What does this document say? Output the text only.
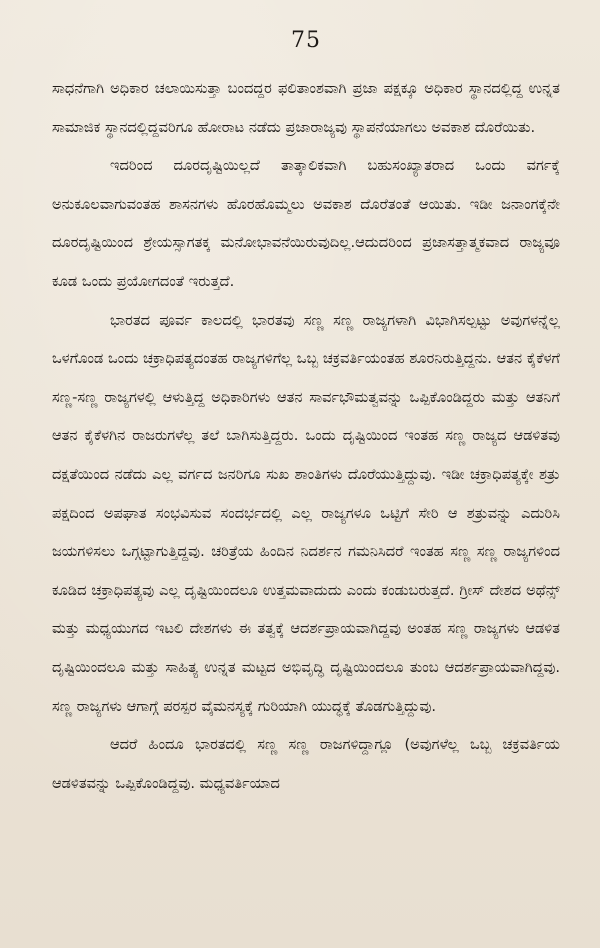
75

ಸಾಧನೆಗಾಗಿ ಅಧಿಕಾರ ಚಲಾಯಿಸುತ್ತಾ ಬಂದದ್ದರ ಫಲಿತಾಂಶವಾಗಿ ಪ್ರಜಾ ಪಕ್ಷಕ್ಕೂ ಅಧಿಕಾರ ಸ್ಥಾನದಲ್ಲಿದ್ದ ಉನ್ನತ ಸಾಮಾಜಿಕ ಸ್ಥಾನದಲ್ಲಿದ್ದವರಿಗೂ ಹೋರಾಟ ನಡೆದು ಪ್ರಜಾರಾಜ್ಯವು ಸ್ಥಾಪನೆಯಾಗಲು ಅವಕಾಶ ದೊರೆಯಿತು.

ಇದರಿಂದ ದೂರದೃಷ್ಟಿಯಿಲ್ಲದೆ ತಾತ್ಕಾಲಿಕವಾಗಿ ಬಹುಸಂಖ್ಯಾತರಾದ ಒಂದು ವರ್ಗಕ್ಕೆ ಅನುಕೂಲವಾಗುವಂತಹ ಶಾಸನಗಳು ಹೊರಹೊಮ್ಮಲು ಅವಕಾಶ ದೊರೆತಂತೆ ಆಯಿತು. ಇಡೀ ಜನಾಂಗಕ್ಕೆನೇ ದೂರದೃಷ್ಟಿಯಿಂದ ಶ್ರೇಯಸ್ಸಾಗತಕ್ಕ ಮನೋಭಾವನೆಯಿರುವುದಿಲ್ಲ.ಆದುದರಿಂದ ಪ್ರಜಾಸತ್ತಾತ್ಮಕವಾದ ರಾಜ್ಯವೂ ಕೂಡ ಒಂದು ಪ್ರಯೋಗದಂತೆ ಇರುತ್ತದೆ.

ಭಾರತದ ಪೂರ್ವ ಕಾಲದಲ್ಲಿ ಭಾರತವು ಸಣ್ಣ ಸಣ್ಣ ರಾಜ್ಯಗಳಾಗಿ ವಿಭಾಗಿಸಲ್ಪಟ್ಟು ಅವುಗಳನ್ನೆಲ್ಲ ಒಳಗೊಂಡ ಒಂದು ಚಕ್ರಾಧಿಪತ್ಯದಂತಹ ರಾಜ್ಯಗಳಿಗೆಲ್ಲ ಒಬ್ಬ ಚಕ್ರವರ್ತಿಯಂತಹ ಶೂರನಿರುತ್ತಿದ್ದನು. ಆತನ ಕೈಕೆಳಗೆ ಸಣ್ಣ-ಸಣ್ಣ ರಾಜ್ಯಗಳಲ್ಲಿ ಆಳುತ್ತಿದ್ದ ಅಧಿಕಾರಿಗಳು ಆತನ ಸಾರ್ವಭೌಮತ್ವವನ್ನು ಒಪ್ಪಿಕೊಂಡಿದ್ದರು ಮತ್ತು ಆತನಿಗೆ ಆತನ ಕೈಕೆಳಗಿನ ರಾಜರುಗಳೆಲ್ಲ ತಲೆ ಬಾಗಿಸುತ್ತಿದ್ದರು. ಒಂದು ದೃಷ್ಟಿಯಿಂದ ಇಂತಹ ಸಣ್ಣ ರಾಜ್ಯದ ಆಡಳಿತವು ದಕ್ಷತೆಯಿಂದ ನಡೆದು ಎಲ್ಲ ವರ್ಗದ ಜನರಿಗೂ ಸುಖ ಶಾಂತಿಗಳು ದೊರೆಯುತ್ತಿದ್ದುವು. ಇಡೀ ಚಕ್ರಾಧಿಪತ್ಯಕ್ಕೇ ಶತ್ರು ಪಕ್ಷದಿಂದ ಅಪಘಾತ ಸಂಭವಿಸುವ ಸಂದರ್ಭದಲ್ಲಿ ಎಲ್ಲ ರಾಜ್ಯಗಳೂ ಒಟ್ಟಿಗೆ ಸೇರಿ ಆ ಶತ್ರುವನ್ನು ಎದುರಿಸಿ ಜಯಗಳಿಸಲು ಒಗ್ಗಟ್ಟಾಗುತ್ತಿದ್ದವು. ಚರಿತ್ರೆಯ ಹಿಂದಿನ ನಿದರ್ಶನ ಗಮನಿಸಿದರೆ ಇಂತಹ ಸಣ್ಣ ಸಣ್ಣ ರಾಜ್ಯಗಳಿಂದ ಕೂಡಿದ ಚಕ್ರಾಧಿಪತ್ಯವು ಎಲ್ಲ ದೃಷ್ಟಿಯಿಂದಲೂ ಉತ್ತಮವಾದುದು ಎಂದು ಕಂಡುಬರುತ್ತದೆ. ಗ್ರೀಸ್ ದೇಶದ ಅಥೆನ್ಸ್ ಮತ್ತು ಮಧ್ಯಯುಗದ ಇಟಲಿ ದೇಶಗಳು ಈ ತತ್ವಕ್ಕೆ ಆದರ್ಶಪ್ರಾಯವಾಗಿದ್ದವು ಅಂತಹ ಸಣ್ಣ ರಾಜ್ಯಗಳು ಆಡಳಿತ ದೃಷ್ಟಿಯಿಂದಲೂ ಮತ್ತು ಸಾಹಿತ್ಯ ಉನ್ನತ ಮಟ್ಟದ ಅಭಿವೃದ್ಧಿ ದೃಷ್ಟಿಯಿಂದಲೂ ತುಂಬ ಆದರ್ಶಪ್ರಾಯವಾಗಿದ್ದವು. ಸಣ್ಣ ರಾಜ್ಯಗಳು ಆಗಾಗ್ಗೆ ಪರಸ್ಪರ ವೈಮನಸ್ಯಕ್ಕೆ ಗುರಿಯಾಗಿ ಯುದ್ಧಕ್ಕೆ ತೊಡಗುತ್ತಿದ್ದುವು.

ಆದರೆ ಹಿಂದೂ ಭಾರತದಲ್ಲಿ ಸಣ್ಣ ಸಣ್ಣ ರಾಜಗಳಿದ್ದಾಗ್ಲೂ (ಅವುಗಳೆಲ್ಲ ಒಬ್ಬ ಚಕ್ರವರ್ತಿಯ ಆಡಳಿತವನ್ನು ಒಪ್ಪಿಕೊಂಡಿದ್ದವು. ಮಧ್ಯವರ್ತಿಯಾದ
